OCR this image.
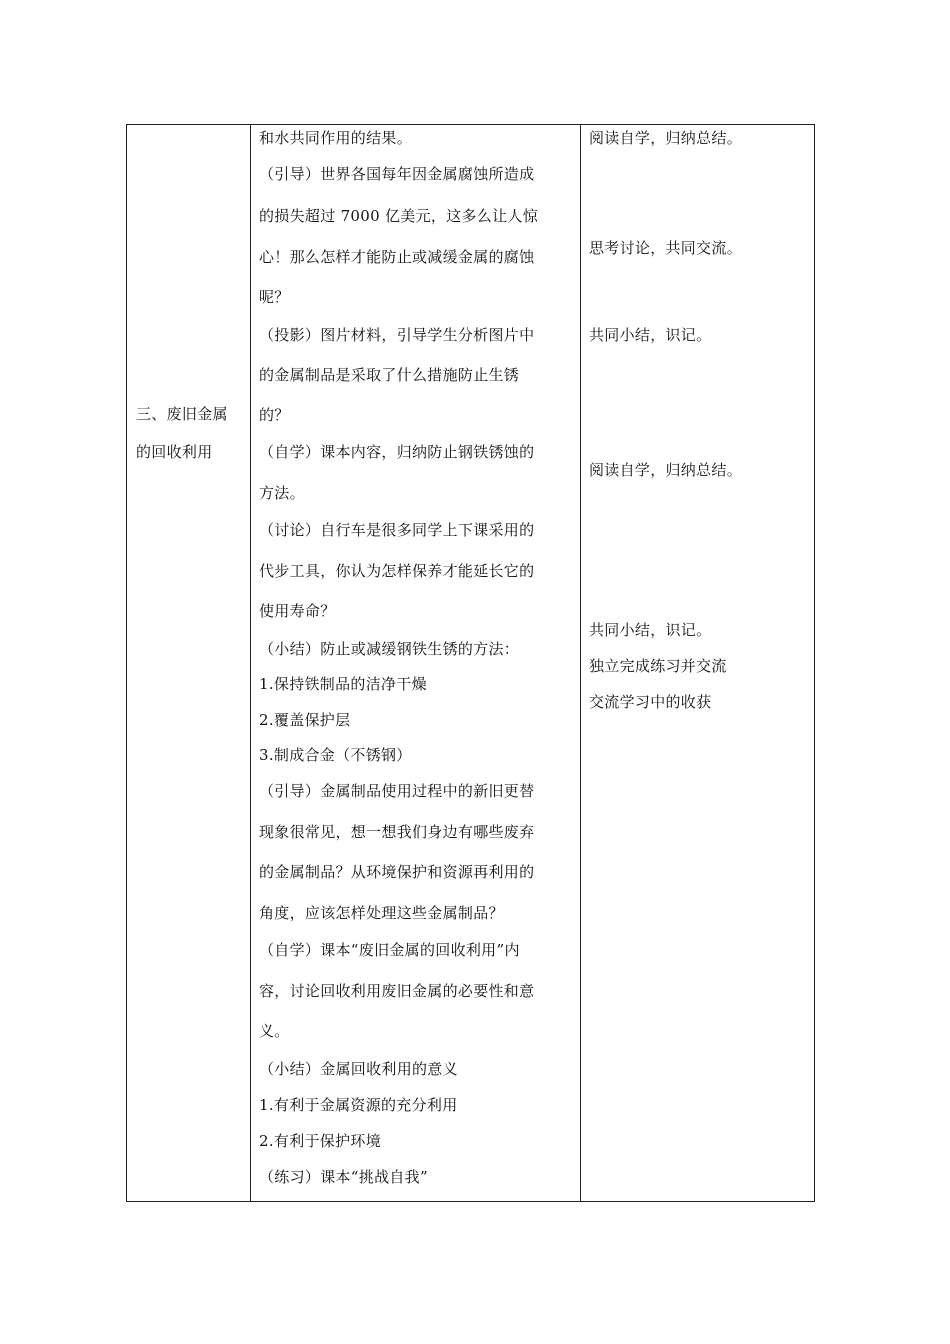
三、废旧金属
的回收利用
和水共同作用的结果。
（引导）世界各国每年因金属腐蚀所造成
的损失超过 7000 亿美元，这多么让人惊
心！那么怎样才能防止或减缓金属的腐蚀
呢？
（投影）图片材料，引导学生分析图片中
的金属制品是采取了什么措施防止生锈
的？
（自学）课本内容，归纳防止钢铁锈蚀的
方法。
（讨论）自行车是很多同学上下课采用的
代步工具，你认为怎样保养才能延长它的
使用寿命？
（小结）防止或减缓钢铁生锈的方法：
1.保持铁制品的洁净干燥
2.覆盖保护层
3.制成合金（不锈钢）
（引导）金属制品使用过程中的新旧更替
现象很常见，想一想我们身边有哪些废弃
的金属制品？从环境保护和资源再利用的
角度，应该怎样处理这些金属制品？
（自学）课本“废旧金属的回收利用”内
容，讨论回收利用废旧金属的必要性和意
义。
（小结）金属回收利用的意义
1.有利于金属资源的充分利用
2.有利于保护环境
（练习）课本“挑战自我”
阅读自学，归纳总结。
思考讨论，共同交流。
共同小结，识记。
阅读自学，归纳总结。
共同小结，识记。
独立完成练习并交流
交流学习中的收获
